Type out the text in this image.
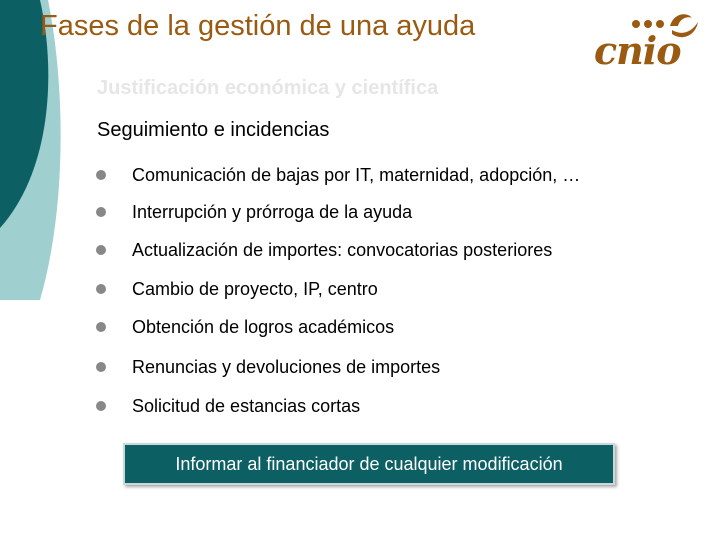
Fases de la gestión de una ayuda
cnio
Justificación económica y científica
Seguimiento e incidencias
Comunicación de bajas por IT, maternidad, adopción, …
Interrupción y prórroga de la ayuda
Actualización de importes: convocatorias posteriores
Cambio de proyecto, IP, centro
Obtención de logros académicos
Renuncias y devoluciones de importes
Solicitud de estancias cortas
Informar al financiador de cualquier modificación
